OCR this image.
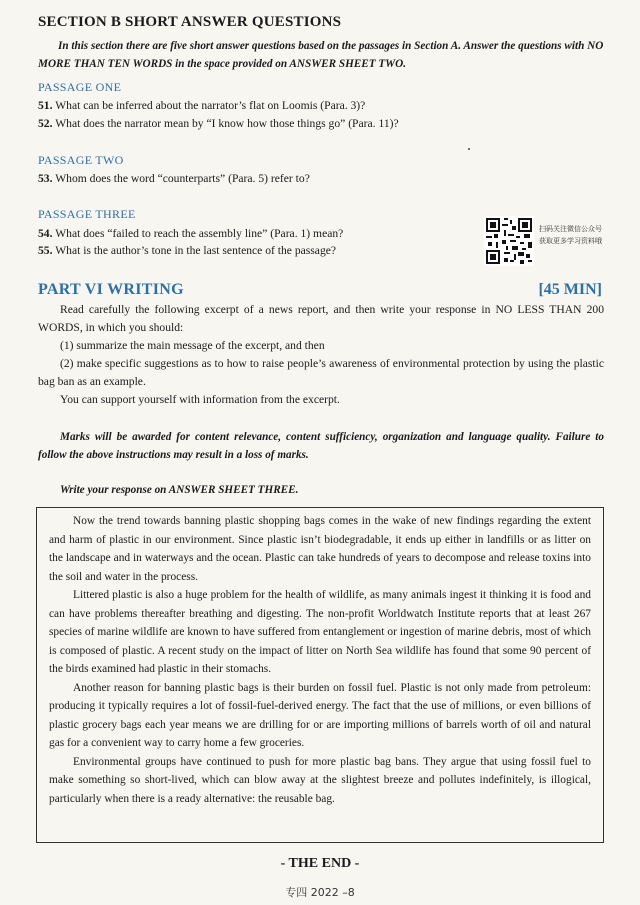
SECTION B SHORT ANSWER QUESTIONS
In this section there are five short answer questions based on the passages in Section A. Answer the questions with NO MORE THAN TEN WORDS in the space provided on ANSWER SHEET TWO.
PASSAGE ONE
51. What can be inferred about the narrator’s flat on Loomis (Para. 3)?
52. What does the narrator mean by “I know how those things go” (Para. 11)?
PASSAGE TWO
53. Whom does the word “counterparts” (Para. 5) refer to?
PASSAGE THREE
54. What does “failed to reach the assembly line” (Para. 1) mean?
55. What is the author’s tone in the last sentence of the passage?
扫码关注微信公众号
获取更多学习资料哦
PART VI WRITING	[45 MIN]

Read carefully the following excerpt of a news report, and then write your response in NO LESS THAN 200 WORDS, in which you should:

(1) summarize the main message of the excerpt, and then

(2) make specific suggestions as to how to raise people’s awareness of environmental protection by using the plastic bag ban as an example.

You can support yourself with information from the excerpt.

Marks will be awarded for content relevance, content sufficiency, organization and language quality. Failure to follow the above instructions may result in a loss of marks.

Write your response on ANSWER SHEET THREE.

Now the trend towards banning plastic shopping bags comes in the wake of new findings regarding the extent and harm of plastic in our environment. Since plastic isn’t biodegradable, it ends up either in landfills or as litter on the landscape and in waterways and the ocean. Plastic can take hundreds of years to decompose and release toxins into the soil and water in the process.

Littered plastic is also a huge problem for the health of wildlife, as many animals ingest it thinking it is food and can have problems thereafter breathing and digesting. The non-profit Worldwatch Institute reports that at least 267 species of marine wildlife are known to have suffered from entanglement or ingestion of marine debris, most of which is composed of plastic. A recent study on the impact of litter on North Sea wildlife has found that some 90 percent of the birds examined had plastic in their stomachs.

Another reason for banning plastic bags is their burden on fossil fuel. Plastic is not only made from petroleum: producing it typically requires a lot of fossil-fuel-derived energy. The fact that the use of millions, or even billions of plastic grocery bags each year means we are drilling for or are importing millions of barrels worth of oil and natural gas for a convenient way to carry home a few groceries.

Environmental groups have continued to push for more plastic bag bans. They argue that using fossil fuel to make something so short-lived, which can blow away at the slightest breeze and pollutes indefinitely, is illogical, particularly when there is a ready alternative: the reusable bag.

- THE END -
专四 2022 –8
